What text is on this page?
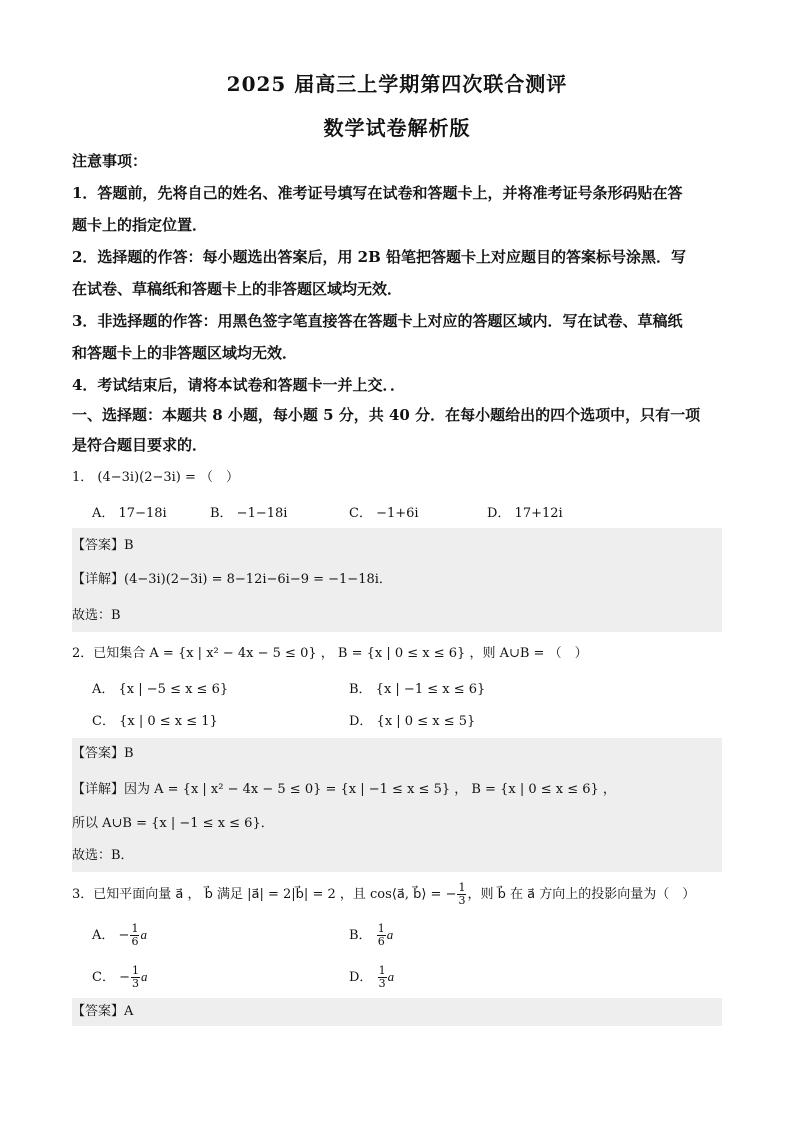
2025 届高三上学期第四次联合测评
数学试卷解析版
注意事项：
1．答题前，先将自己的姓名、准考证号填写在试卷和答题卡上，并将准考证号条形码贴在答
题卡上的指定位置．
2．选择题的作答：每小题选出答案后，用 2B 铅笔把答题卡上对应题目的答案标号涂黑．写
在试卷、草稿纸和答题卡上的非答题区域均无效．
3．非选择题的作答：用黑色签字笔直接答在答题卡上对应的答题区域内．写在试卷、草稿纸
和答题卡上的非答题区域均无效．
4．考试结束后，请将本试卷和答题卡一并上交．．
一、选择题：本题共 8 小题，每小题 5 分，共 40 分．在每小题给出的四个选项中，只有一项
是符合题目要求的．
1． (4−3i)(2−3i) = （　）
A． 17−18i	B． −1−18i	C． −1+6i	D． 17+12i
【答案】B
【详解】(4−3i)(2−3i) = 8−12i−6i−9 = −1−18i．
故选：B
2．已知集合 A = {x | x² − 4x − 5 ≤ 0} ， B = {x | 0 ≤ x ≤ 6} ，则 A∪B = （　）
A． {x | −5 ≤ x ≤ 6}	B． {x | −1 ≤ x ≤ 6}
C． {x | 0 ≤ x ≤ 1}	D． {x | 0 ≤ x ≤ 5}
【答案】B
【详解】因为 A = {x | x² − 4x − 5 ≤ 0} = {x | −1 ≤ x ≤ 5} ， B = {x | 0 ≤ x ≤ 6} ，
所以 A∪B = {x | −1 ≤ x ≤ 6}．
故选：B．
3．已知平面向量 a⃗ ， b⃗ 满足 |a⃗| = 2|b⃗| = 2 ，且 cos⟨a⃗, b⃗⟩ = − $\frac{1}{3}$ ，则 b⃗ 在 a⃗ 方向上的投影向量为（　）
A． − $\frac{1}{6}$ a⃗	B． $\frac{1}{6}$ a⃗
C． − $\frac{1}{3}$ a⃗	D． $\frac{1}{3}$ a⃗
【答案】A
